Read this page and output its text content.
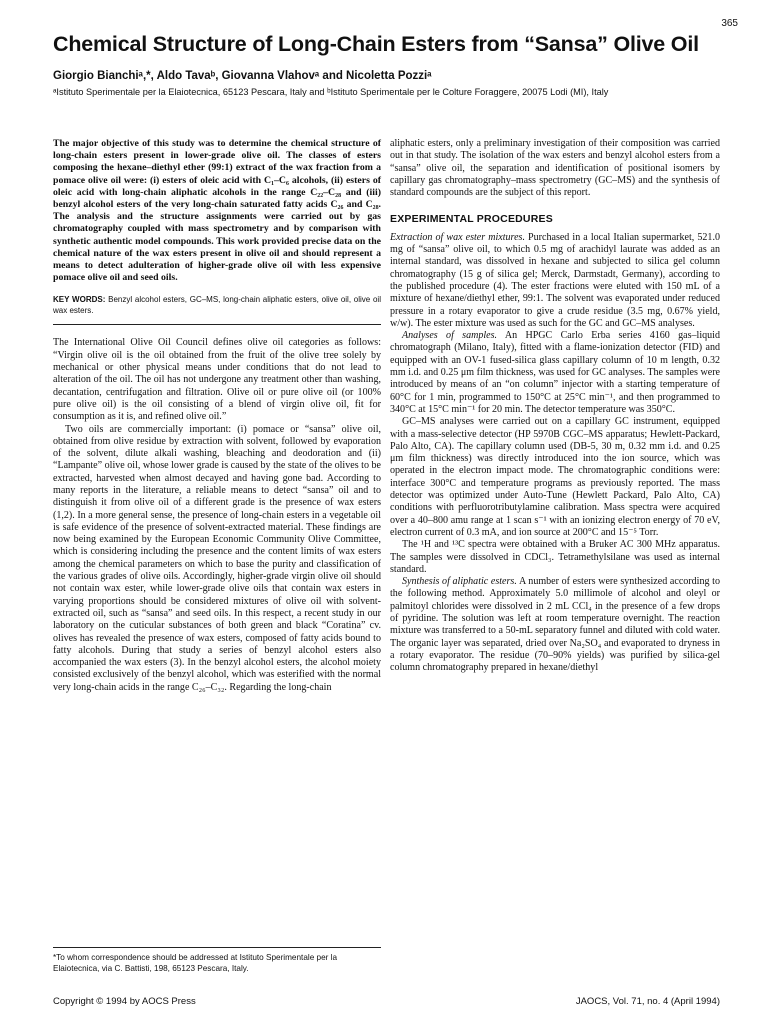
365
Chemical Structure of Long-Chain Esters from “Sansa” Olive Oil
Giorgio Bianchiᵃ,*, Aldo Tavaᵇ, Giovanna Vlahovᵃ and Nicoletta Pozziᵃ
ᵃIstituto Sperimentale per la Elaiotecnica, 65123 Pescara, Italy and ᵇIstituto Sperimentale per le Colture Foraggere, 20075 Lodi (MI), Italy
The major objective of this study was to determine the chemical structure of long-chain esters present in lower-grade olive oil. The classes of esters composing the hexane–diethyl ether (99:1) extract of the wax fraction from a pomace olive oil were: (i) esters of oleic acid with C₁–C₆ alcohols, (ii) esters of oleic acid with long-chain aliphatic alcohols in the range C₂₂–C₂₈ and (iii) benzyl alcohol esters of the very long-chain saturated fatty acids C₂₆ and C₂₈. The analysis and the structure assignments were carried out by gas chromatography coupled with mass spectrometry and by comparison with synthetic authentic model compounds. This work provided precise data on the chemical nature of the wax esters present in olive oil and should represent a means to detect adulteration of higher-grade olive oil with less expensive pomace olive oil and seed oils.
KEY WORDS: Benzyl alcohol esters, GC–MS, long-chain aliphatic esters, olive oil, olive oil wax esters.

The International Olive Oil Council defines olive oil categories as follows: “Virgin olive oil is the oil obtained from the fruit of the olive tree solely by mechanical or other physical means under conditions that do not lead to alteration of the oil. The oil has not undergone any treatment other than washing, decantation, centrifugation and filtration. Olive oil or pure olive oil (or 100% pure olive oil) is the oil consisting of a blend of virgin olive oil, fit for consumption as it is, and refined olive oil.”

Two oils are commercially important: (i) pomace or “sansa” olive oil, obtained from olive residue by extraction with solvent, followed by evaporation of the solvent, dilute alkali washing, bleaching and deodoration and (ii) “Lampante” olive oil, whose lower grade is caused by the state of the olives to be extracted, harvested when almost decayed and having gone bad. According to many reports in the literature, a reliable means to detect “sansa” oil and to distinguish it from olive oil of a different grade is the presence of wax esters (1,2). In a more general sense, the presence of long-chain esters in a vegetable oil is safe evidence of the presence of solvent-extracted material. These findings are now being examined by the European Economic Community Olive Committee, which is considering including the presence and the content limits of wax esters among the chemical parameters on which to base the purity and classification of the various grades of olive oils. Accordingly, higher-grade virgin olive oil should not contain wax ester, while lower-grade olive oils that contain wax esters in varying proportions should be considered mixtures of olive oil with solvent-extracted oil, such as “sansa” and seed oils. In this respect, a recent study in our laboratory on the cuticular substances of both green and black “Coratina” cv. olives has revealed the presence of wax esters, composed of fatty acids bound to fatty alcohols. During that study a series of benzyl alcohol esters also accompanied the wax esters (3). In the benzyl alcohol esters, the alcohol moiety consisted exclusively of the benzyl alcohol, which was esterified with the normal very long-chain acids in the range C₂₆–C₃₂. Regarding the long-chain

aliphatic esters, only a preliminary investigation of their composition was carried out in that study. The isolation of the wax esters and benzyl alcohol esters from a “sansa” olive oil, the separation and identification of positional isomers by capillary gas chromatography–mass spectrometry (GC–MS) and the synthesis of standard compounds are the subject of this report.

EXPERIMENTAL PROCEDURES

Extraction of wax ester mixtures. Purchased in a local Italian supermarket, 521.0 mg of “sansa” olive oil, to which 0.5 mg of arachidyl laurate was added as an internal standard, was dissolved in hexane and subjected to silica gel column chromatography (15 g of silica gel; Merck, Darmstadt, Germany), according to the published procedure (4). The ester fractions were eluted with 150 mL of a mixture of hexane/diethyl ether, 99:1. The solvent was evaporated under reduced pressure in a rotary evaporator to give a crude residue (3.5 mg, 0.67% yield, w/w). The ester mixture was used as such for the GC and GC–MS analyses.

Analyses of samples. An HPGC Carlo Erba series 4160 gas–liquid chromatograph (Milano, Italy), fitted with a flame-ionization detector (FID) and equipped with an OV-1 fused-silica glass capillary column of 10 m length, 0.32 mm i.d. and 0.25 μm film thickness, was used for GC analyses. The samples were introduced by means of an “on column” injector with a starting temperature of 60°C for 1 min, programmed to 150°C at 25°C min⁻¹, and then programmed to 340°C at 15°C min⁻¹ for 20 min. The detector temperature was 350°C.

GC–MS analyses were carried out on a capillary GC instrument, equipped with a mass-selective detector (HP 5970B CGC–MS apparatus; Hewlett-Packard, Palo Alto, CA). The capillary column used (DB-5, 30 m, 0.32 mm i.d. and 0.25 μm film thickness) was directly introduced into the ion source, which was operated in the electron impact mode. The chromatographic conditions were: interface 300°C and temperature programs as previously reported. The mass detector was optimized under Auto-Tune (Hewlett Packard, Palo Alto, CA) conditions with perfluorotributylamine calibration. Mass spectra were acquired over a 40–800 amu range at 1 scan s⁻¹ with an ionizing electron energy of 70 eV, electron current of 0.3 mA, and ion source at 200°C and 15⁻⁵ Torr.

The ¹H and ¹³C spectra were obtained with a Bruker AC 300 MHz apparatus. The samples were dissolved in CDCl₃. Tetramethylsilane was used as internal standard.

Synthesis of aliphatic esters. A number of esters were synthesized according to the following method. Approximately 5.0 millimole of alcohol and oleyl or palmitoyl chlorides were dissolved in 2 mL CCl₄ in the presence of a few drops of pyridine. The solution was left at room temperature overnight. The reaction mixture was transferred to a 50-mL separatory funnel and diluted with cold water. The organic layer was separated, dried over Na₂SO₄ and evaporated to dryness in a rotary evaporator. The residue (70–90% yields) was purified by silica-gel column chromatography prepared in hexane/diethyl

*To whom correspondence should be addressed at Istituto Sperimentale per la Elaiotecnica, via C. Battisti, 198, 65123 Pescara, Italy.
Copyright © 1994 by AOCS Press	JAOCS, Vol. 71, no. 4 (April 1994)
